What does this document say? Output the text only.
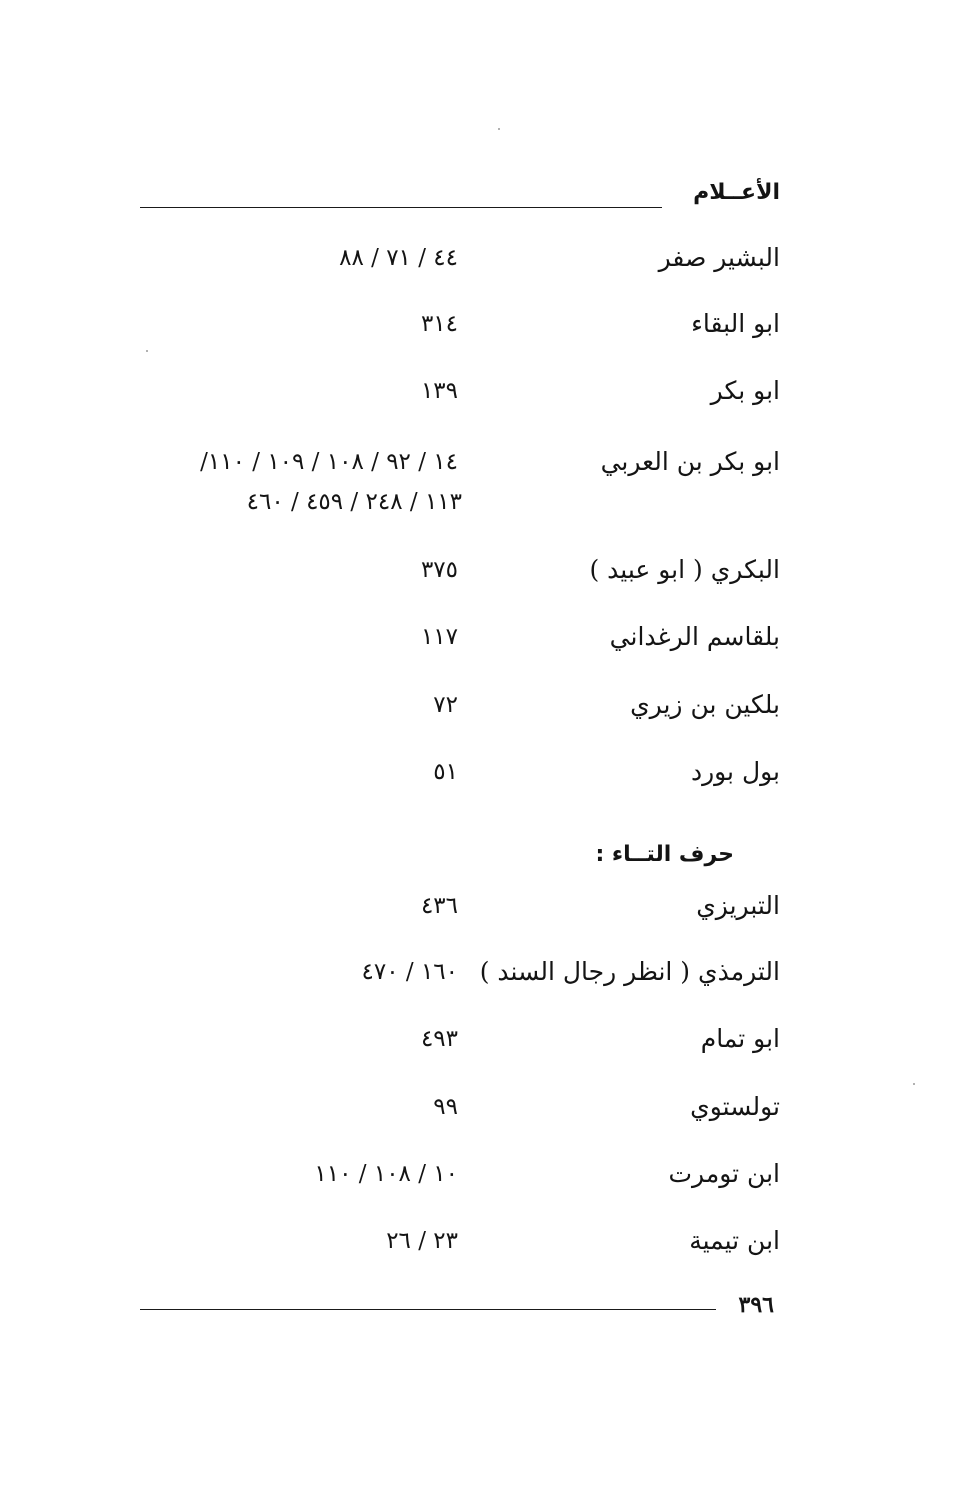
الأعــلام
البشير صفر
٤٤ / ٧١ / ٨٨
ابو البقاء
٣١٤
ابو بكر
١٣٩
ابو بكر بن العربي
١٤ / ٩٢ / ١٠٨ / ١٠٩ / ١١٠/
١١٣ / ٢٤٨ / ٤٥٩ / ٤٦٠
البكري ( ابو عبيد )
٣٧٥
بلقاسم الرغداني
١١٧
بلكين بن زيري
٧٢
بول بورد
٥١
حرف التــاء :
التبريزي
٤٣٦
الترمذي ( انظر رجال السند )
١٦٠ / ٤٧٠
ابو تمام
٤٩٣
تولستوي
٩٩
ابن تومرت
١٠ / ١٠٨ / ١١٠
ابن تيمية
٢٣ / ٢٦
٣٩٦
